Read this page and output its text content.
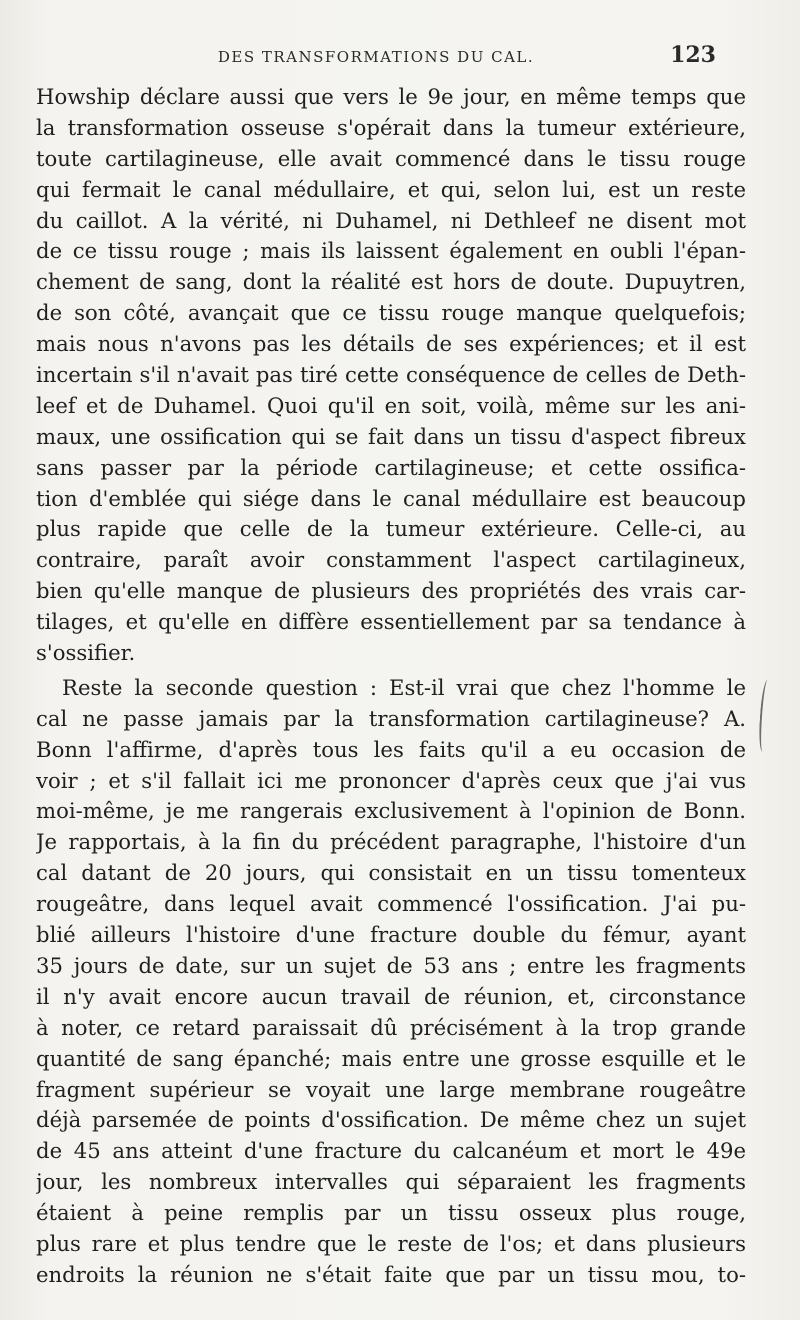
DES TRANSFORMATIONS DU CAL.	123
Howship déclare aussi que vers le 9e jour, en même temps que
la transformation osseuse s'opérait dans la tumeur extérieure,
toute cartilagineuse, elle avait commencé dans le tissu rouge
qui fermait le canal médullaire, et qui, selon lui, est un reste
du caillot. A la vérité, ni Duhamel, ni Dethleef ne disent mot
de ce tissu rouge ; mais ils laissent également en oubli l'épan-
chement de sang, dont la réalité est hors de doute. Dupuytren,
de son côté, avançait que ce tissu rouge manque quelquefois;
mais nous n'avons pas les détails de ses expériences; et il est
incertain s'il n'avait pas tiré cette conséquence de celles de Deth-
leef et de Duhamel. Quoi qu'il en soit, voilà, même sur les ani-
maux, une ossification qui se fait dans un tissu d'aspect fibreux
sans passer par la période cartilagineuse; et cette ossifica-
tion d'emblée qui siége dans le canal médullaire est beaucoup
plus rapide que celle de la tumeur extérieure. Celle-ci, au
contraire, paraît avoir constamment l'aspect cartilagineux,
bien qu'elle manque de plusieurs des propriétés des vrais car-
tilages, et qu'elle en diffère essentiellement par sa tendance à
s'ossifier.
Reste la seconde question : Est-il vrai que chez l'homme le
cal ne passe jamais par la transformation cartilagineuse? A.
Bonn l'affirme, d'après tous les faits qu'il a eu occasion de
voir ; et s'il fallait ici me prononcer d'après ceux que j'ai vus
moi-même, je me rangerais exclusivement à l'opinion de Bonn.
Je rapportais, à la fin du précédent paragraphe, l'histoire d'un
cal datant de 20 jours, qui consistait en un tissu tomenteux
rougeâtre, dans lequel avait commencé l'ossification. J'ai pu-
blié ailleurs l'histoire d'une fracture double du fémur, ayant
35 jours de date, sur un sujet de 53 ans ; entre les fragments
il n'y avait encore aucun travail de réunion, et, circonstance
à noter, ce retard paraissait dû précisément à la trop grande
quantité de sang épanché; mais entre une grosse esquille et le
fragment supérieur se voyait une large membrane rougeâtre
déjà parsemée de points d'ossification. De même chez un sujet
de 45 ans atteint d'une fracture du calcanéum et mort le 49e
jour, les nombreux intervalles qui séparaient les fragments
étaient à peine remplis par un tissu osseux plus rouge,
plus rare et plus tendre que le reste de l'os; et dans plusieurs
endroits la réunion ne s'était faite que par un tissu mou, to-
